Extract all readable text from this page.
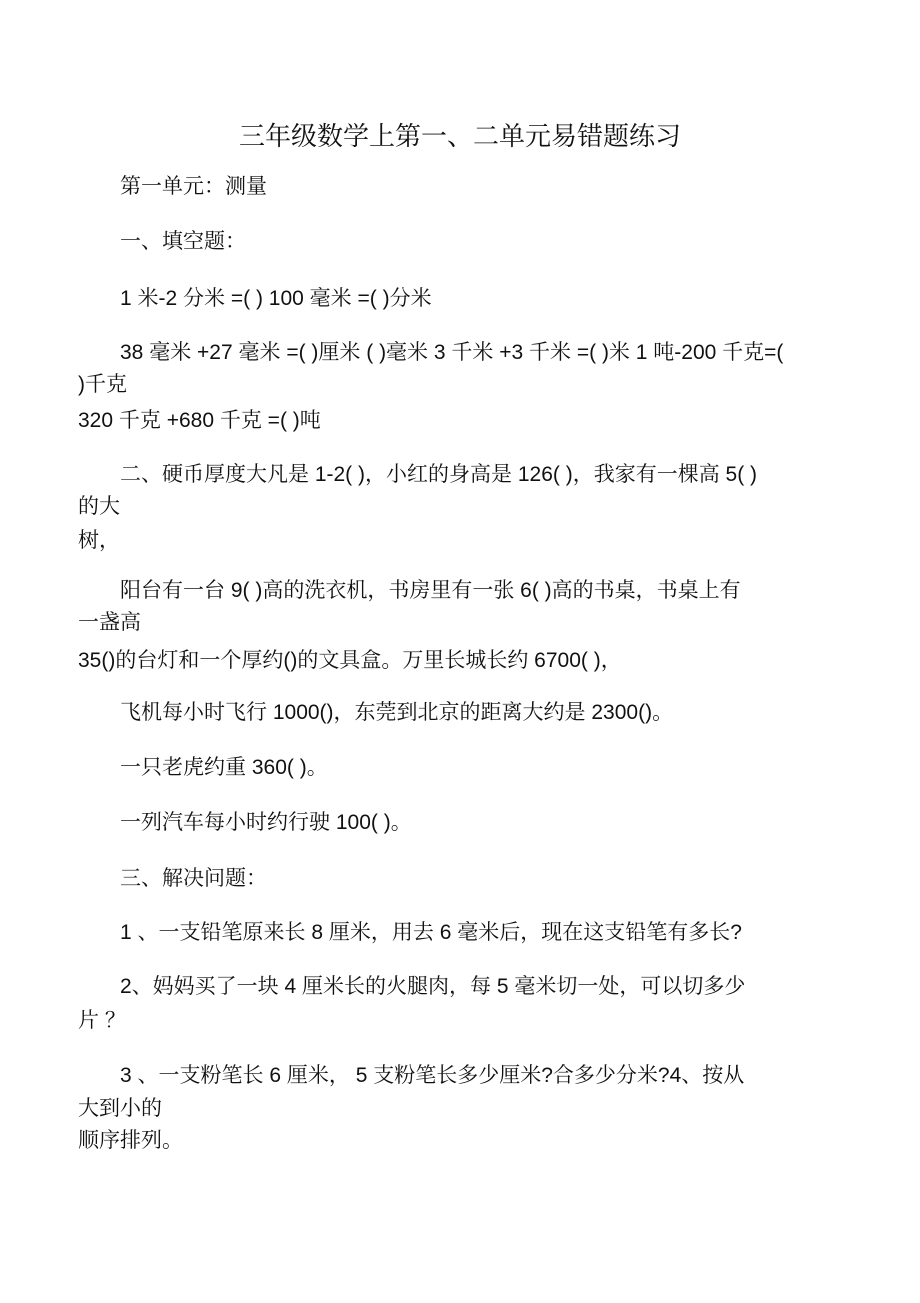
三年级数学上第一、二单元易错题练习
第一单元：测量
一、填空题：
1 米-2 分米 =( ) 100 毫米 =( )分米
38 毫米 +27 毫米 =( )厘米 ( )毫米 3 千米 +3 千米 =( )米 1 吨-200 千克=(
)千克
320 千克 +680 千克 =( )吨
二、硬币厚度大凡是 1-2( )，小红的身高是 126( )，我家有一棵高 5( )
的大
树，
阳台有一台 9( )高的洗衣机，书房里有一张 6( )高的书桌，书桌上有
一盏高
35()的台灯和一个厚约()的文具盒。万里长城长约 6700( )，
飞机每小时飞行 1000()，东莞到北京的距离大约是 2300()。
一只老虎约重 360( )。
一列汽车每小时约行驶 100( )。
三、解决问题：
1 、一支铅笔原来长 8 厘米，用去 6 毫米后，现在这支铅笔有多长?
2、妈妈买了一块 4 厘米长的火腿肉，每 5 毫米切一处，可以切多少
片 ？
3 、一支粉笔长 6 厘米， 5 支粉笔长多少厘米?合多少分米?4、按从
大到小的
顺序排列。
